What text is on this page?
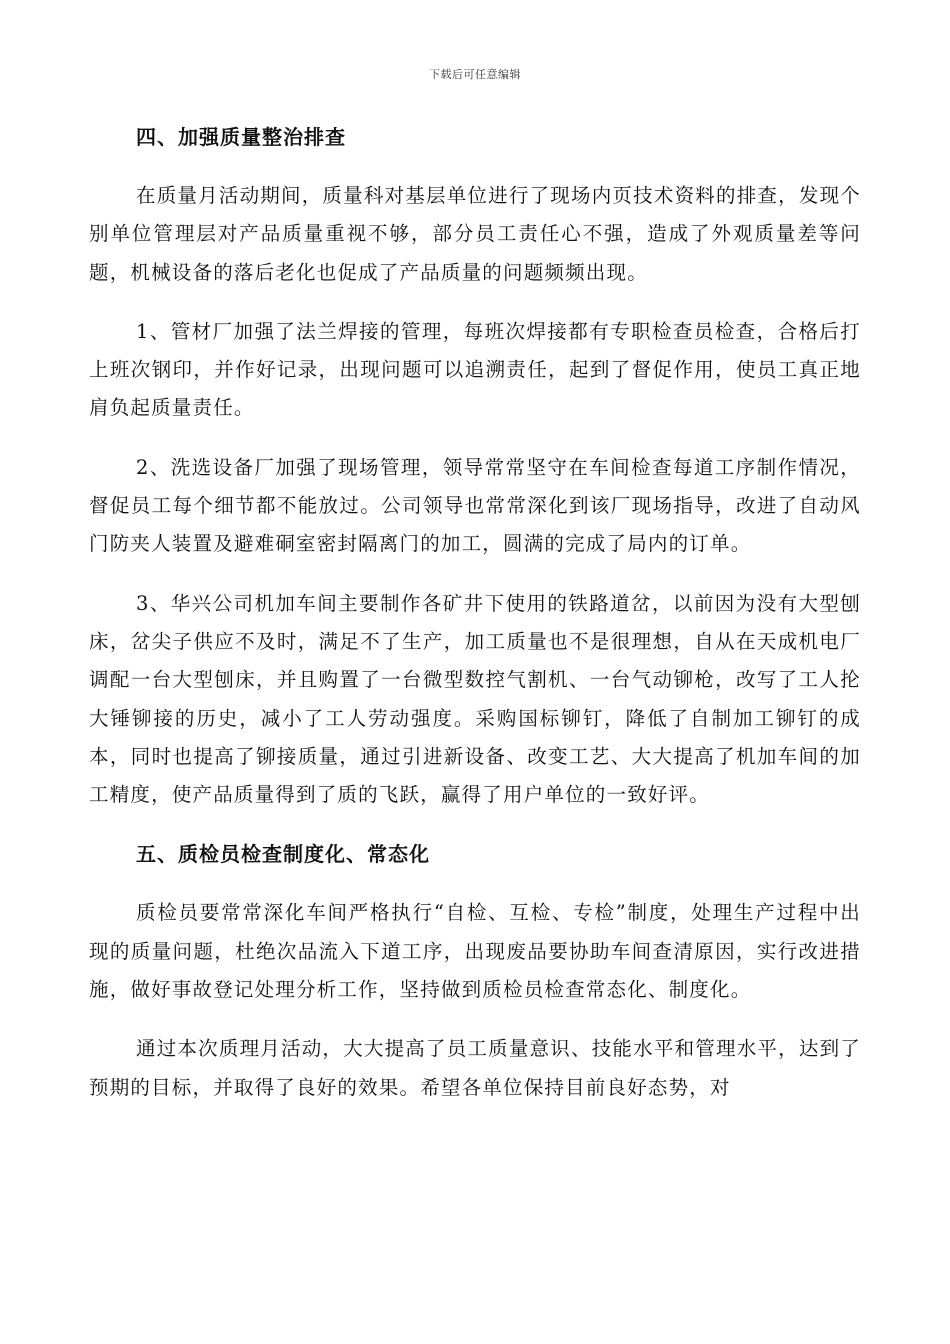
下载后可任意编辑
四、加强质量整治排查

在质量月活动期间，质量科对基层单位进行了现场内页技术资料的排查，发现个别单位管理层对产品质量重视不够，部分员工责任心不强，造成了外观质量差等问题，机械设备的落后老化也促成了产品质量的问题频频出现。

1、管材厂加强了法兰焊接的管理，每班次焊接都有专职检查员检查，合格后打上班次钢印，并作好记录，出现问题可以追溯责任，起到了督促作用，使员工真正地肩负起质量责任。

2、洗选设备厂加强了现场管理，领导常常坚守在车间检查每道工序制作情况，督促员工每个细节都不能放过。公司领导也常常深化到该厂现场指导，改进了自动风门防夹人装置及避难硐室密封隔离门的加工，圆满的完成了局内的订单。

3、华兴公司机加车间主要制作各矿井下使用的铁路道岔，以前因为没有大型刨床，岔尖子供应不及时，满足不了生产，加工质量也不是很理想，自从在天成机电厂调配一台大型刨床，并且购置了一台微型数控气割机、一台气动铆枪，改写了工人抡大锤铆接的历史，减小了工人劳动强度。采购国标铆钉，降低了自制加工铆钉的成本，同时也提高了铆接质量，通过引进新设备、改变工艺、大大提高了机加车间的加工精度，使产品质量得到了质的飞跃，赢得了用户单位的一致好评。

五、质检员检查制度化、常态化

质检员要常常深化车间严格执行“自检、互检、专检”制度，处理生产过程中出现的质量问题，杜绝次品流入下道工序，出现废品要协助车间查清原因，实行改进措施，做好事故登记处理分析工作，坚持做到质检员检查常态化、制度化。

通过本次质理月活动，大大提高了员工质量意识、技能水平和管理水平，达到了预期的目标，并取得了良好的效果。希望各单位保持目前良好态势，对
